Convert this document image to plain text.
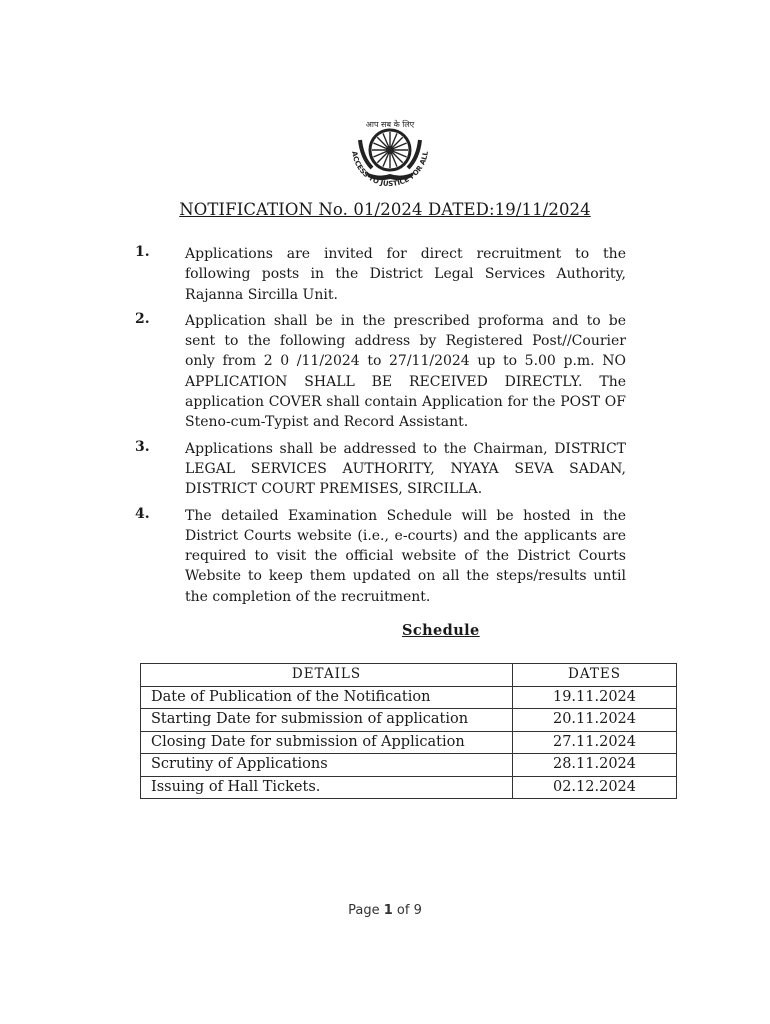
आप सब के लिए
ACCESS TO JUSTICE FOR ALL
NOTIFICATION No. 01/2024 DATED:19/11/2024
1.	Applications are invited for direct recruitment to the following posts in the District Legal Services Authority, Rajanna Sircilla Unit.
2.	Application shall be in the prescribed proforma and to be sent to the following address by Registered Post//Courier only from 2 0 /11/2024 to 27/11/2024 up to 5.00 p.m. NO APPLICATION SHALL BE RECEIVED DIRECTLY. The application COVER shall contain Application for the POST OF Steno-cum-Typist and Record Assistant.
3.	Applications shall be addressed to the Chairman, DISTRICT LEGAL SERVICES AUTHORITY, NYAYA SEVA SADAN, DISTRICT COURT PREMISES, SIRCILLA.
4.	The detailed Examination Schedule will be hosted in the District Courts website (i.e., e-courts) and the applicants are required to visit the official website of the District Courts Website to keep them updated on all the steps/results until the completion of the recruitment.
Schedule
DETAILS	DATES
Date of Publication of the Notification	19.11.2024
Starting Date for submission of application	20.11.2024
Closing Date for submission of Application	27.11.2024
Scrutiny of Applications	28.11.2024
Issuing of Hall Tickets.	02.12.2024
Page 1 of 9
